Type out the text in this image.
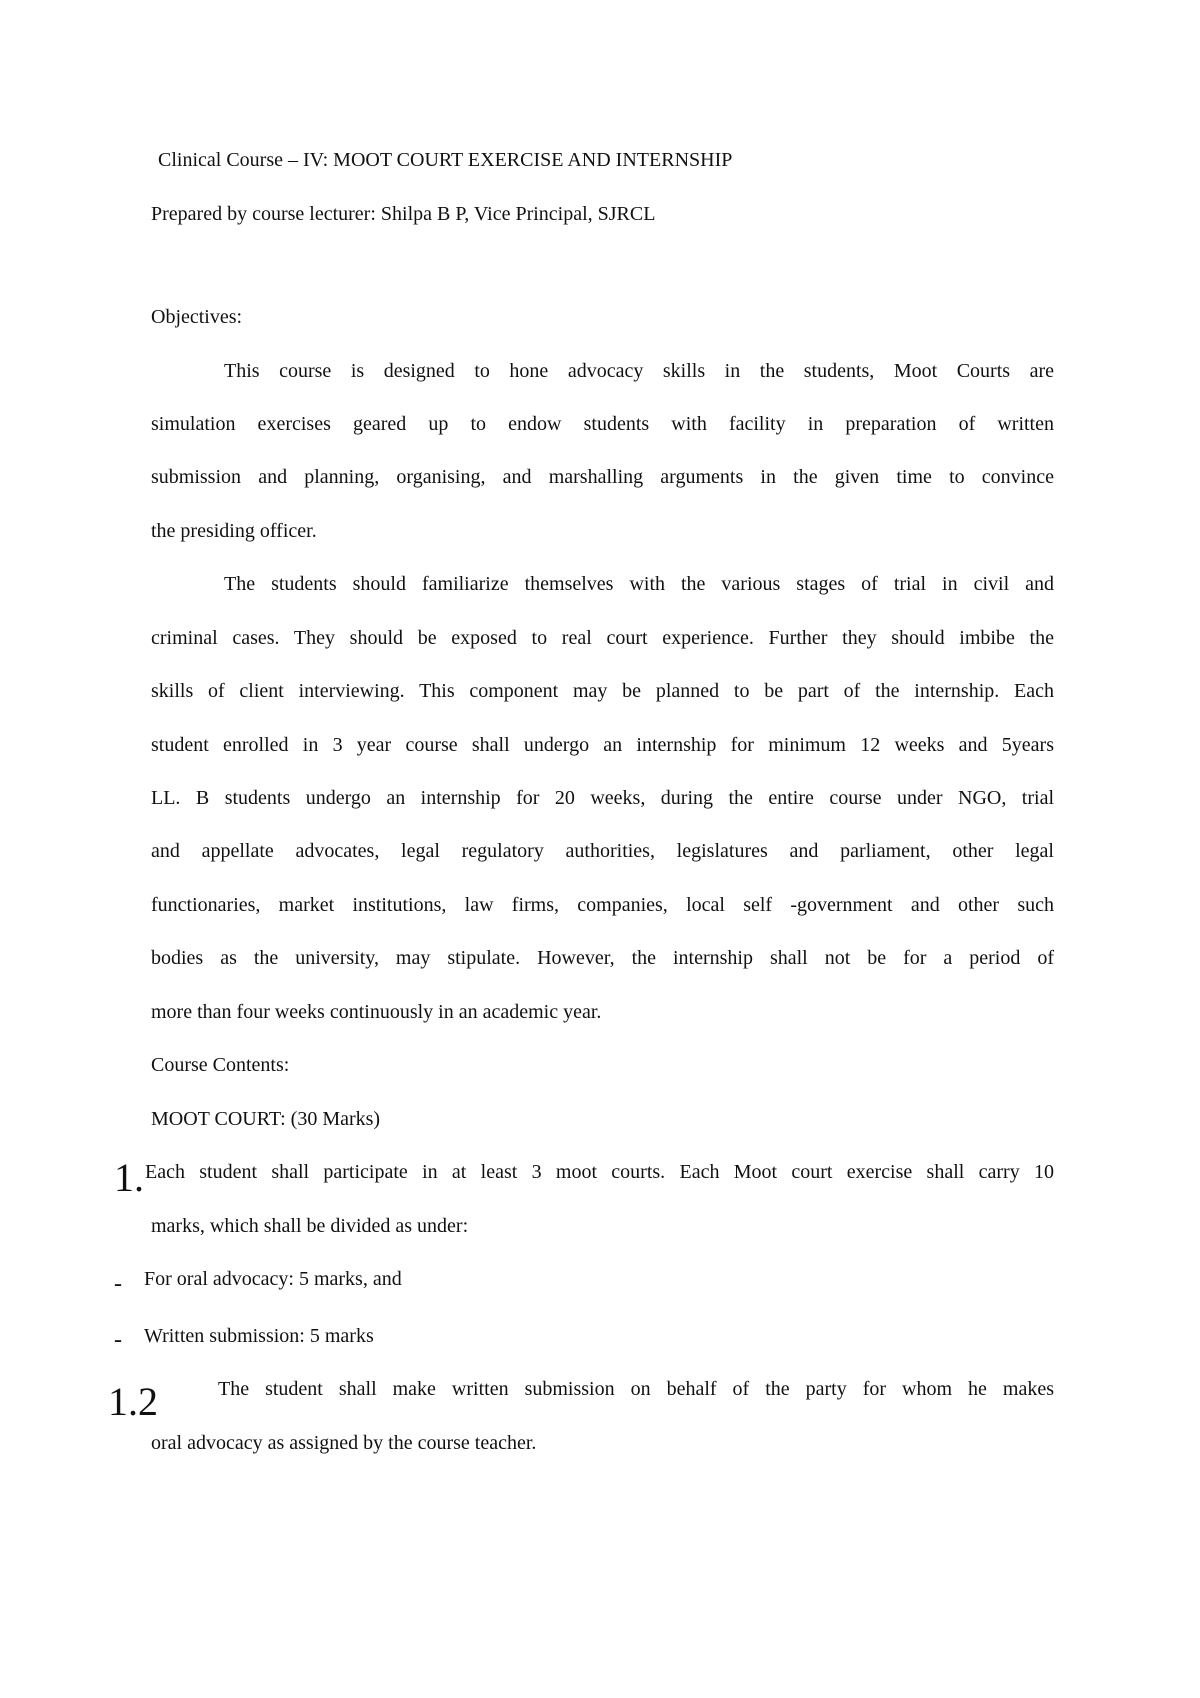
Clinical Course – IV: MOOT COURT EXERCISE AND INTERNSHIP
Prepared by course lecturer: Shilpa B P, Vice Principal, SJRCL
Objectives:
This course is designed to hone advocacy skills in the students, Moot Courts are
simulation exercises geared up to endow students with facility in preparation of written
submission and planning, organising, and marshalling arguments in the given time to convince
the presiding officer.
The students should familiarize themselves with the various stages of trial in civil and
criminal cases. They should be exposed to real court experience. Further they should imbibe the
skills of client interviewing. This component may be planned to be part of the internship. Each
student enrolled in 3 year course shall undergo an internship for minimum 12 weeks and 5years
LL. B students undergo an internship for 20 weeks, during the entire course under NGO, trial
and appellate advocates, legal regulatory authorities, legislatures and parliament, other legal
functionaries, market institutions, law firms, companies, local self -government and other such
bodies as the university, may stipulate. However, the internship shall not be for a period of
more than four weeks continuously in an academic year.
Course Contents:
MOOT COURT: (30 Marks)
1. Each student shall participate in at least 3 moot courts. Each Moot court exercise shall carry 10
marks, which shall be divided as under:
- For oral advocacy: 5 marks, and
- Written submission: 5 marks
1.2	The student shall make written submission on behalf of the party for whom he makes
oral advocacy as assigned by the course teacher.
